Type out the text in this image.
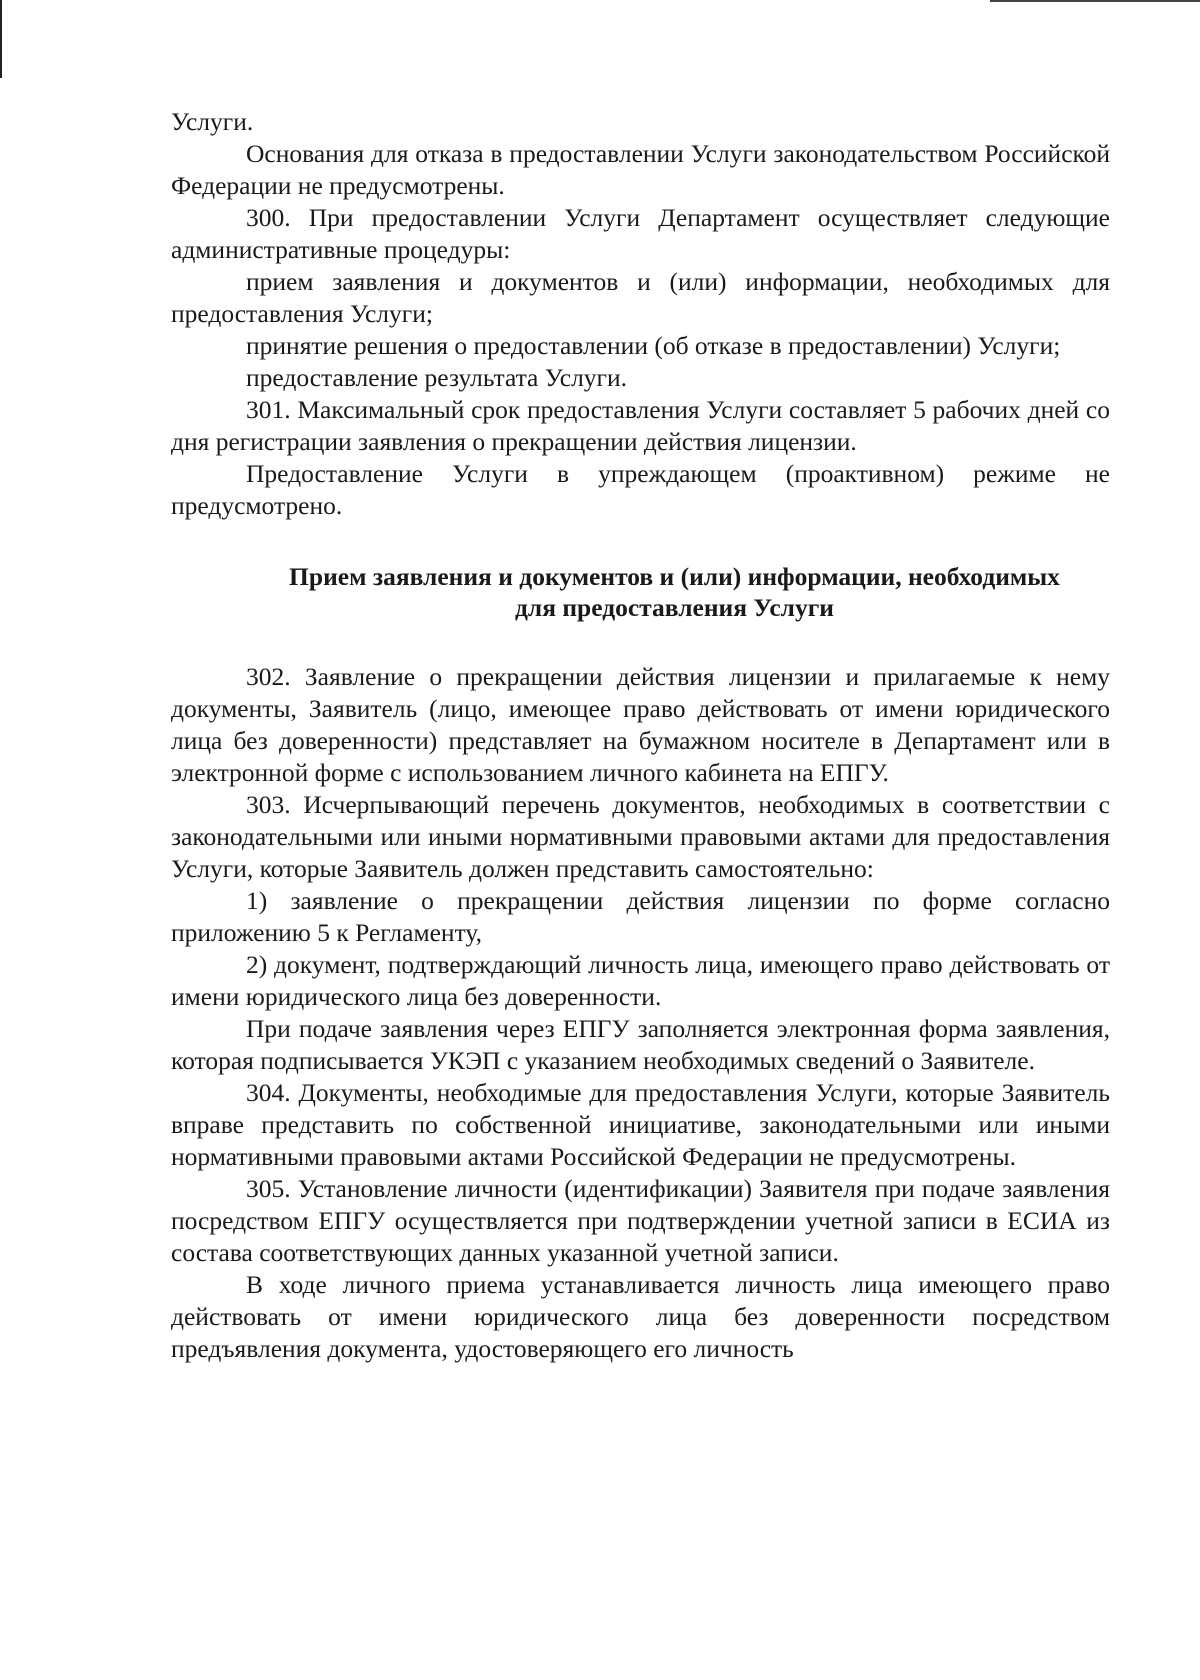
Услуги.

Основания для отказа в предоставлении Услуги законодательством Российской Федерации не предусмотрены.

300. При предоставлении Услуги Департамент осуществляет следующие административные процедуры:

прием заявления и документов и (или) информации, необходимых для предоставления Услуги;

принятие решения о предоставлении (об отказе в предоставлении) Услуги;

предоставление результата Услуги.

301. Максимальный срок предоставления Услуги составляет 5 рабочих дней со дня регистрации заявления о прекращении действия лицензии.

Предоставление Услуги в упреждающем (проактивном) режиме не предусмотрено.

Прием заявления и документов и (или) информации, необходимых
для предоставления Услуги

302. Заявление о прекращении действия лицензии и прилагаемые к нему документы, Заявитель (лицо, имеющее право действовать от имени юридического лица без доверенности) представляет на бумажном носителе в Департамент или в электронной форме с использованием личного кабинета на ЕПГУ.

303. Исчерпывающий перечень документов, необходимых в соответствии с законодательными или иными нормативными правовыми актами для предоставления Услуги, которые Заявитель должен представить самостоятельно:

1) заявление о прекращении действия лицензии по форме согласно приложению 5 к Регламенту,

2) документ, подтверждающий личность лица, имеющего право действовать от имени юридического лица без доверенности.

При подаче заявления через ЕПГУ заполняется электронная форма заявления, которая подписывается УКЭП с указанием необходимых сведений о Заявителе.

304. Документы, необходимые для предоставления Услуги, которые Заявитель вправе представить по собственной инициативе, законодательными или иными нормативными правовыми актами Российской Федерации не предусмотрены.

305. Установление личности (идентификации) Заявителя при подаче заявления посредством ЕПГУ осуществляется при подтверждении учетной записи в ЕСИА из состава соответствующих данных указанной учетной записи.

В ходе личного приема устанавливается личность лица имеющего право действовать от имени юридического лица без доверенности посредством предъявления документа, удостоверяющего его личность
